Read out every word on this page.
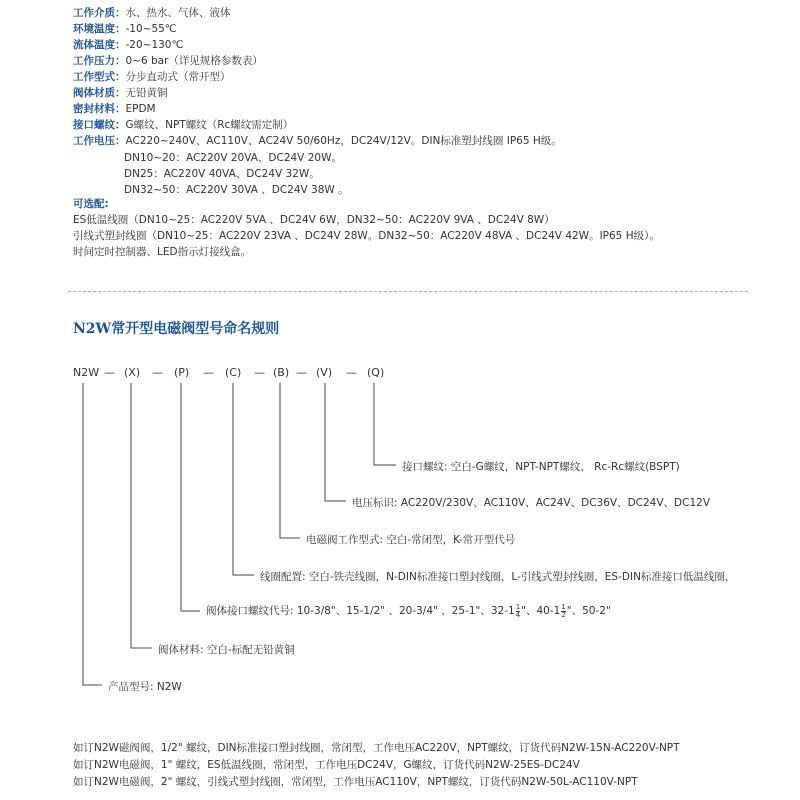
工作介质：水、热水、气体、液体
环境温度：-10~55℃
流体温度：-20~130℃
工作压力：0~6 bar（详见规格参数表）
工作型式：分步直动式（常开型）
阀体材质：无铅黄铜
密封材料：EPDM
接口螺纹：G螺纹、NPT螺纹（Rc螺纹需定制）
工作电压：AC220~240V、AC110V、AC24V 50/60Hz，DC24V/12V。DIN标准塑封线圈 IP65 H级。
DN10~20：AC220V 20VA、DC24V 20W。
DN25：AC220V 40VA、DC24V 32W。
DN32~50：AC220V 30VA 、DC24V 38W 。
可选配:
ES低温线圈（DN10~25：AC220V 5VA 、DC24V 6W，DN32~50：AC220V 9VA 、DC24V 8W）
引线式塑封线圈（DN10~25：AC220V 23VA 、DC24V 28W。DN32~50：AC220V 48VA 、DC24V 42W。IP65 H级）。
时间定时控制器、LED指示灯接线盒。
N2W常开型电磁阀型号命名规则
N2W — (X) — (P) — (C) — (B) — (V) — (Q)
接口螺纹: 空白-G螺纹，NPT-NPT螺纹， Rc-Rc螺纹(BSPT)
电压标识: AC220V/230V、AC110V、AC24V、DC36V、DC24V、DC12V
电磁阀工作型式: 空白-常闭型，K-常开型代号
线圈配置: 空白-铁壳线圈，N-DIN标准接口塑封线圈，L-引线式塑封线圈，ES-DIN标准接口低温线圈，
阀体接口螺纹代号: 10-3/8"、15-1/2" 、20-3/4" 、25-1"、$32-1 \frac{1}{4}$ "、$40-1 \frac{1}{2}$ "、50-2"
阀体材料: 空白-标配无铅黄铜
产品型号: N2W
如订N2W磁阀阀，1/2" 螺纹，DIN标准接口塑封线圈，常闭型，工作电压AC220V，NPT螺纹，订货代码N2W-15N-AC220V-NPT
如订N2W电磁阀，1" 螺纹，ES低温线圈，常闭型，工作电压DC24V，G螺纹，订货代码N2W-25ES-DC24V
如订N2W电磁阀，2" 螺纹，引线式塑封线圈，常闭型，工作电压AC110V，NPT螺纹，订货代码N2W-50L-AC110V-NPT
